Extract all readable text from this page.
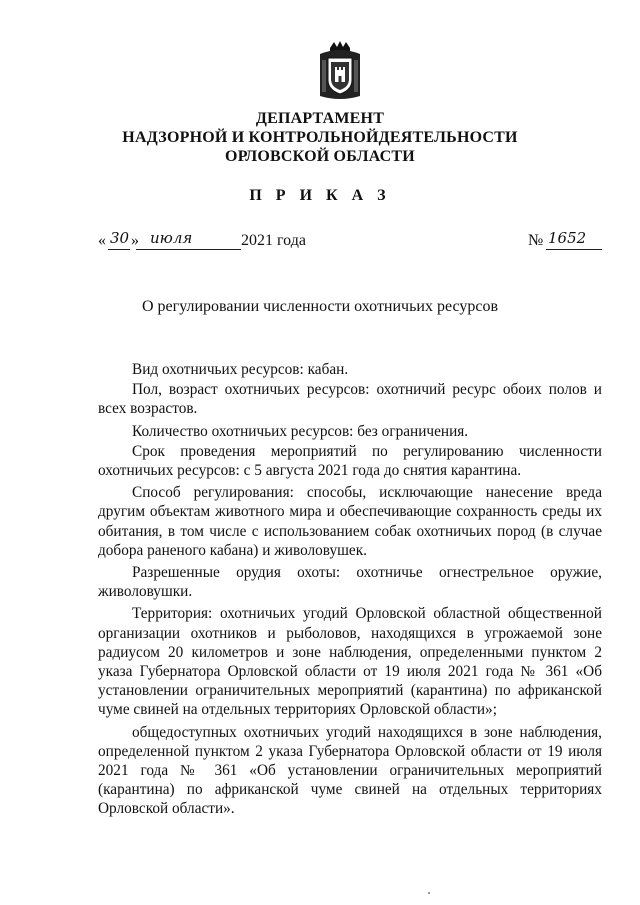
ДЕПАРТАМЕНТ
НАДЗОРНОЙ И КОНТРОЛЬНОЙДЕЯТЕЛЬНОСТИ
ОРЛОВСКОЙ ОБЛАСТИ
П Р И К А З
« 30 » июля	2021 года	№ 1652
О регулировании численности охотничьих ресурсов

Вид охотничьих ресурсов: кабан.

Пол, возраст охотничьих ресурсов: охотничий ресурс обоих полов и всех возрастов.

Количество охотничьих ресурсов: без ограничения.

Срок проведения мероприятий по регулированию численности охотничьих ресурсов: с 5 августа 2021 года до снятия карантина.

Способ регулирования: способы, исключающие нанесение вреда другим объектам животного мира и обеспечивающие сохранность среды их обитания, в том числе с использованием собак охотничьих пород (в случае добора раненого кабана) и живоловушек.

Разрешенные орудия охоты: охотничье огнестрельное оружие, живоловушки.

Территория: охотничьих угодий Орловской областной общественной организации охотников и рыболовов, находящихся в угрожаемой зоне радиусом 20 километров и зоне наблюдения, определенными пунктом 2 указа Губернатора Орловской области от 19 июля 2021 года № 361 «Об установлении ограничительных мероприятий (карантина) по африканской чуме свиней на отдельных территориях Орловской области»;

общедоступных охотничьих угодий находящихся в зоне наблюдения, определенной пунктом 2 указа Губернатора Орловской области от 19 июля 2021 года № 361 «Об установлении ограничительных мероприятий (карантина) по африканской чуме свиней на отдельных территориях Орловской области».
